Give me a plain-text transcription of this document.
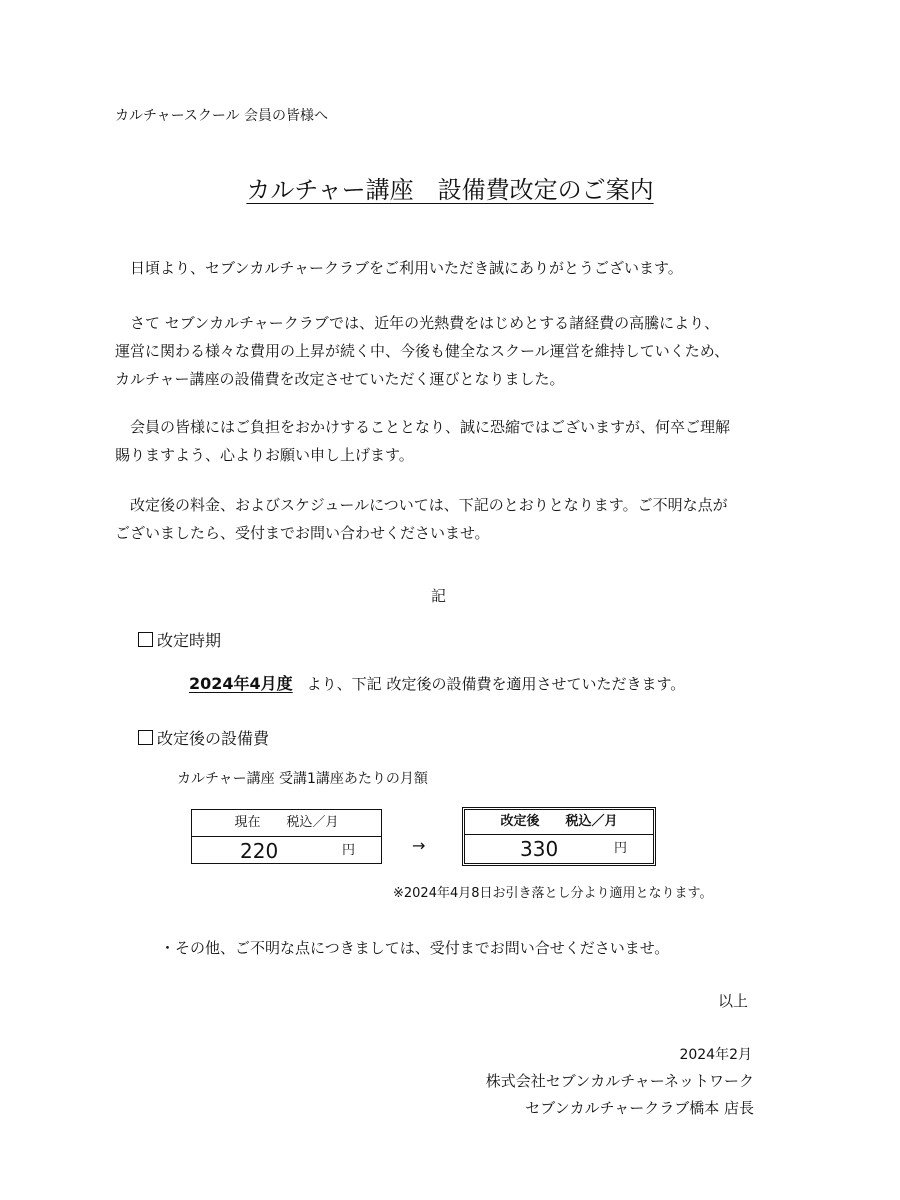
カルチャースクール 会員の皆様へ
カルチャー講座　設備費改定のご案内
　日頃より、セブンカルチャークラブをご利用いただき誠にありがとうございます。
　さて セブンカルチャークラブでは、近年の光熱費をはじめとする諸経費の高騰により、
運営に関わる様々な費用の上昇が続く中、今後も健全なスクール運営を維持していくため、
カルチャー講座の設備費を改定させていただく運びとなりました。
　会員の皆様にはご負担をおかけすることとなり、誠に恐縮ではございますが、何卒ご理解
賜りますよう、心よりお願い申し上げます。
　改定後の料金、およびスケジュールについては、下記のとおりとなります。ご不明な点が
ございましたら、受付までお問い合わせくださいませ。
記
改定時期
2024年4月度 より、下記 改定後の設備費を適用させていただきます。
改定後の設備費
カルチャー講座 受講1講座あたりの月額
現在　　税込／月
220	円	→
改定後　　税込／月
330	円
※2024年4月8日お引き落とし分より適用となります。
・その他、ご不明な点につきましては、受付までお問い合せくださいませ。
以上
2024年2月
株式会社セブンカルチャーネットワーク
セブンカルチャークラブ橋本 店長
